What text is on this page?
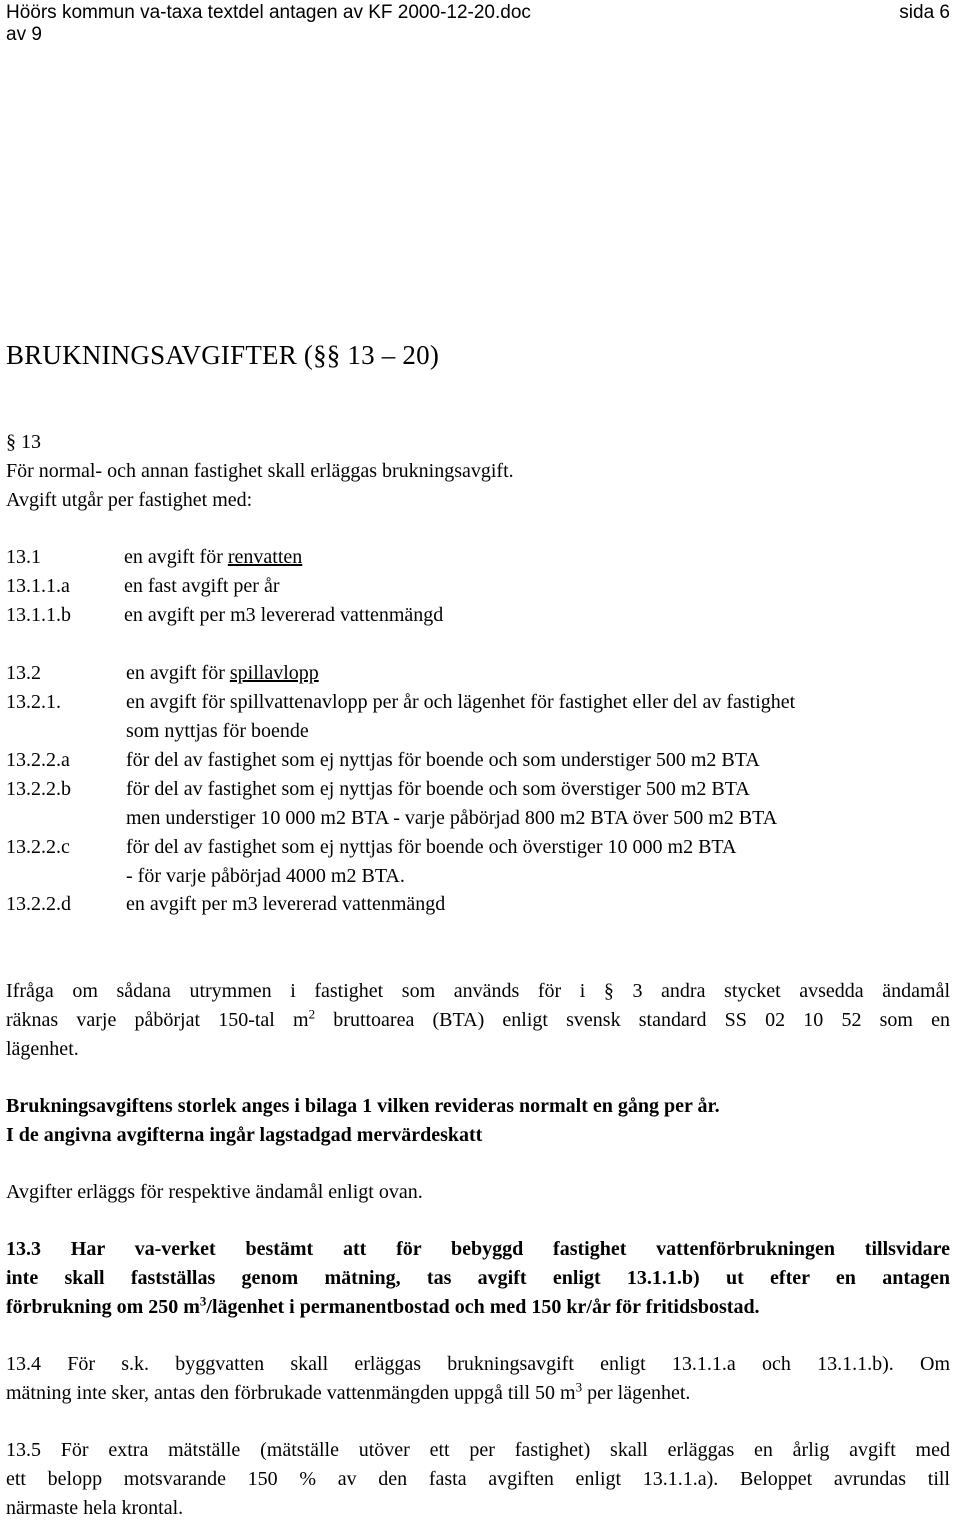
Höörs kommun va-taxa textdel antagen av KF 2000-12-20.doc	sida 6
av 9
BRUKNINGSAVGIFTER (§§ 13 – 20)
§ 13
För normal- och annan fastighet skall erläggas brukningsavgift.
Avgift utgår per fastighet med:
13.1	en avgift för renvatten
13.1.1.a	en fast avgift per år
13.1.1.b	en avgift per m3 levererad vattenmängd
13.2	en avgift för spillavlopp
13.2.1.	en avgift för spillvattenavlopp per år och lägenhet för fastighet eller del av fastighet
som nyttjas för boende
13.2.2.a	för del av fastighet som ej nyttjas för boende och som understiger 500 m2 BTA
13.2.2.b	för del av fastighet som ej nyttjas för boende och som överstiger 500 m2 BTA
men understiger 10 000 m2 BTA - varje påbörjad 800 m2 BTA över 500 m2 BTA
13.2.2.c	för del av fastighet som ej nyttjas för boende och överstiger 10 000 m2 BTA
- för varje påbörjad 4000 m2 BTA.
13.2.2.d	en avgift per m3 levererad vattenmängd
Ifråga om sådana utrymmen i fastighet som används för i § 3 andra stycket avsedda ändamål
räknas varje påbörjat 150-tal $m^2$ bruttoarea (BTA) enligt svensk standard SS 02 10 52 som en
lägenhet.
Brukningsavgiftens storlek anges i bilaga 1 vilken revideras normalt en gång per år.
I de angivna avgifterna ingår lagstadgad mervärdeskatt
Avgifter erläggs för respektive ändamål enligt ovan.
13.3 Har va-verket bestämt att för bebyggd fastighet vattenförbrukningen tillsvidare
inte skall fastställas genom mätning, tas avgift enligt 13.1.1.b) ut efter en antagen
förbrukning om 250 $m^3$/lägenhet i permanentbostad och med 150 kr/år för fritidsbostad.
13.4 För s.k. byggvatten skall erläggas brukningsavgift enligt 13.1.1.a och 13.1.1.b). Om
mätning inte sker, antas den förbrukade vattenmängden uppgå till 50 $m^3$ per lägenhet.
13.5 För extra mätställe (mätställe utöver ett per fastighet) skall erläggas en årlig avgift med
ett belopp motsvarande 150 % av den fasta avgiften enligt 13.1.1.a). Beloppet avrundas till
närmaste hela krontal.
